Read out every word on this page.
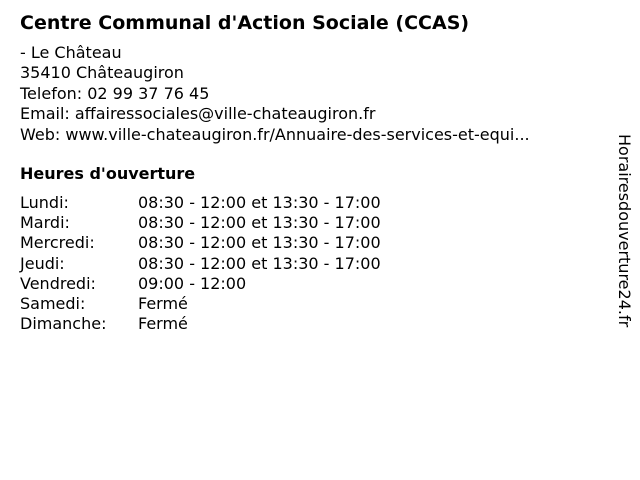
Centre Communal d'Action Sociale (CCAS)
- Le Château
35410 Châteaugiron
Telefon: 02 99 37 76 45
Email: affairessociales@ville-chateaugiron.fr
Web: www.ville-chateaugiron.fr/Annuaire-des-services-et-equi...
Heures d'ouverture
Lundi:	08:30 - 12:00 et 13:30 - 17:00
Mardi:	08:30 - 12:00 et 13:30 - 17:00
Mercredi:	08:30 - 12:00 et 13:30 - 17:00
Jeudi:	08:30 - 12:00 et 13:30 - 17:00
Vendredi:	09:00 - 12:00
Samedi:	Fermé
Dimanche:	Fermé	Horairesdouverture24.fr
